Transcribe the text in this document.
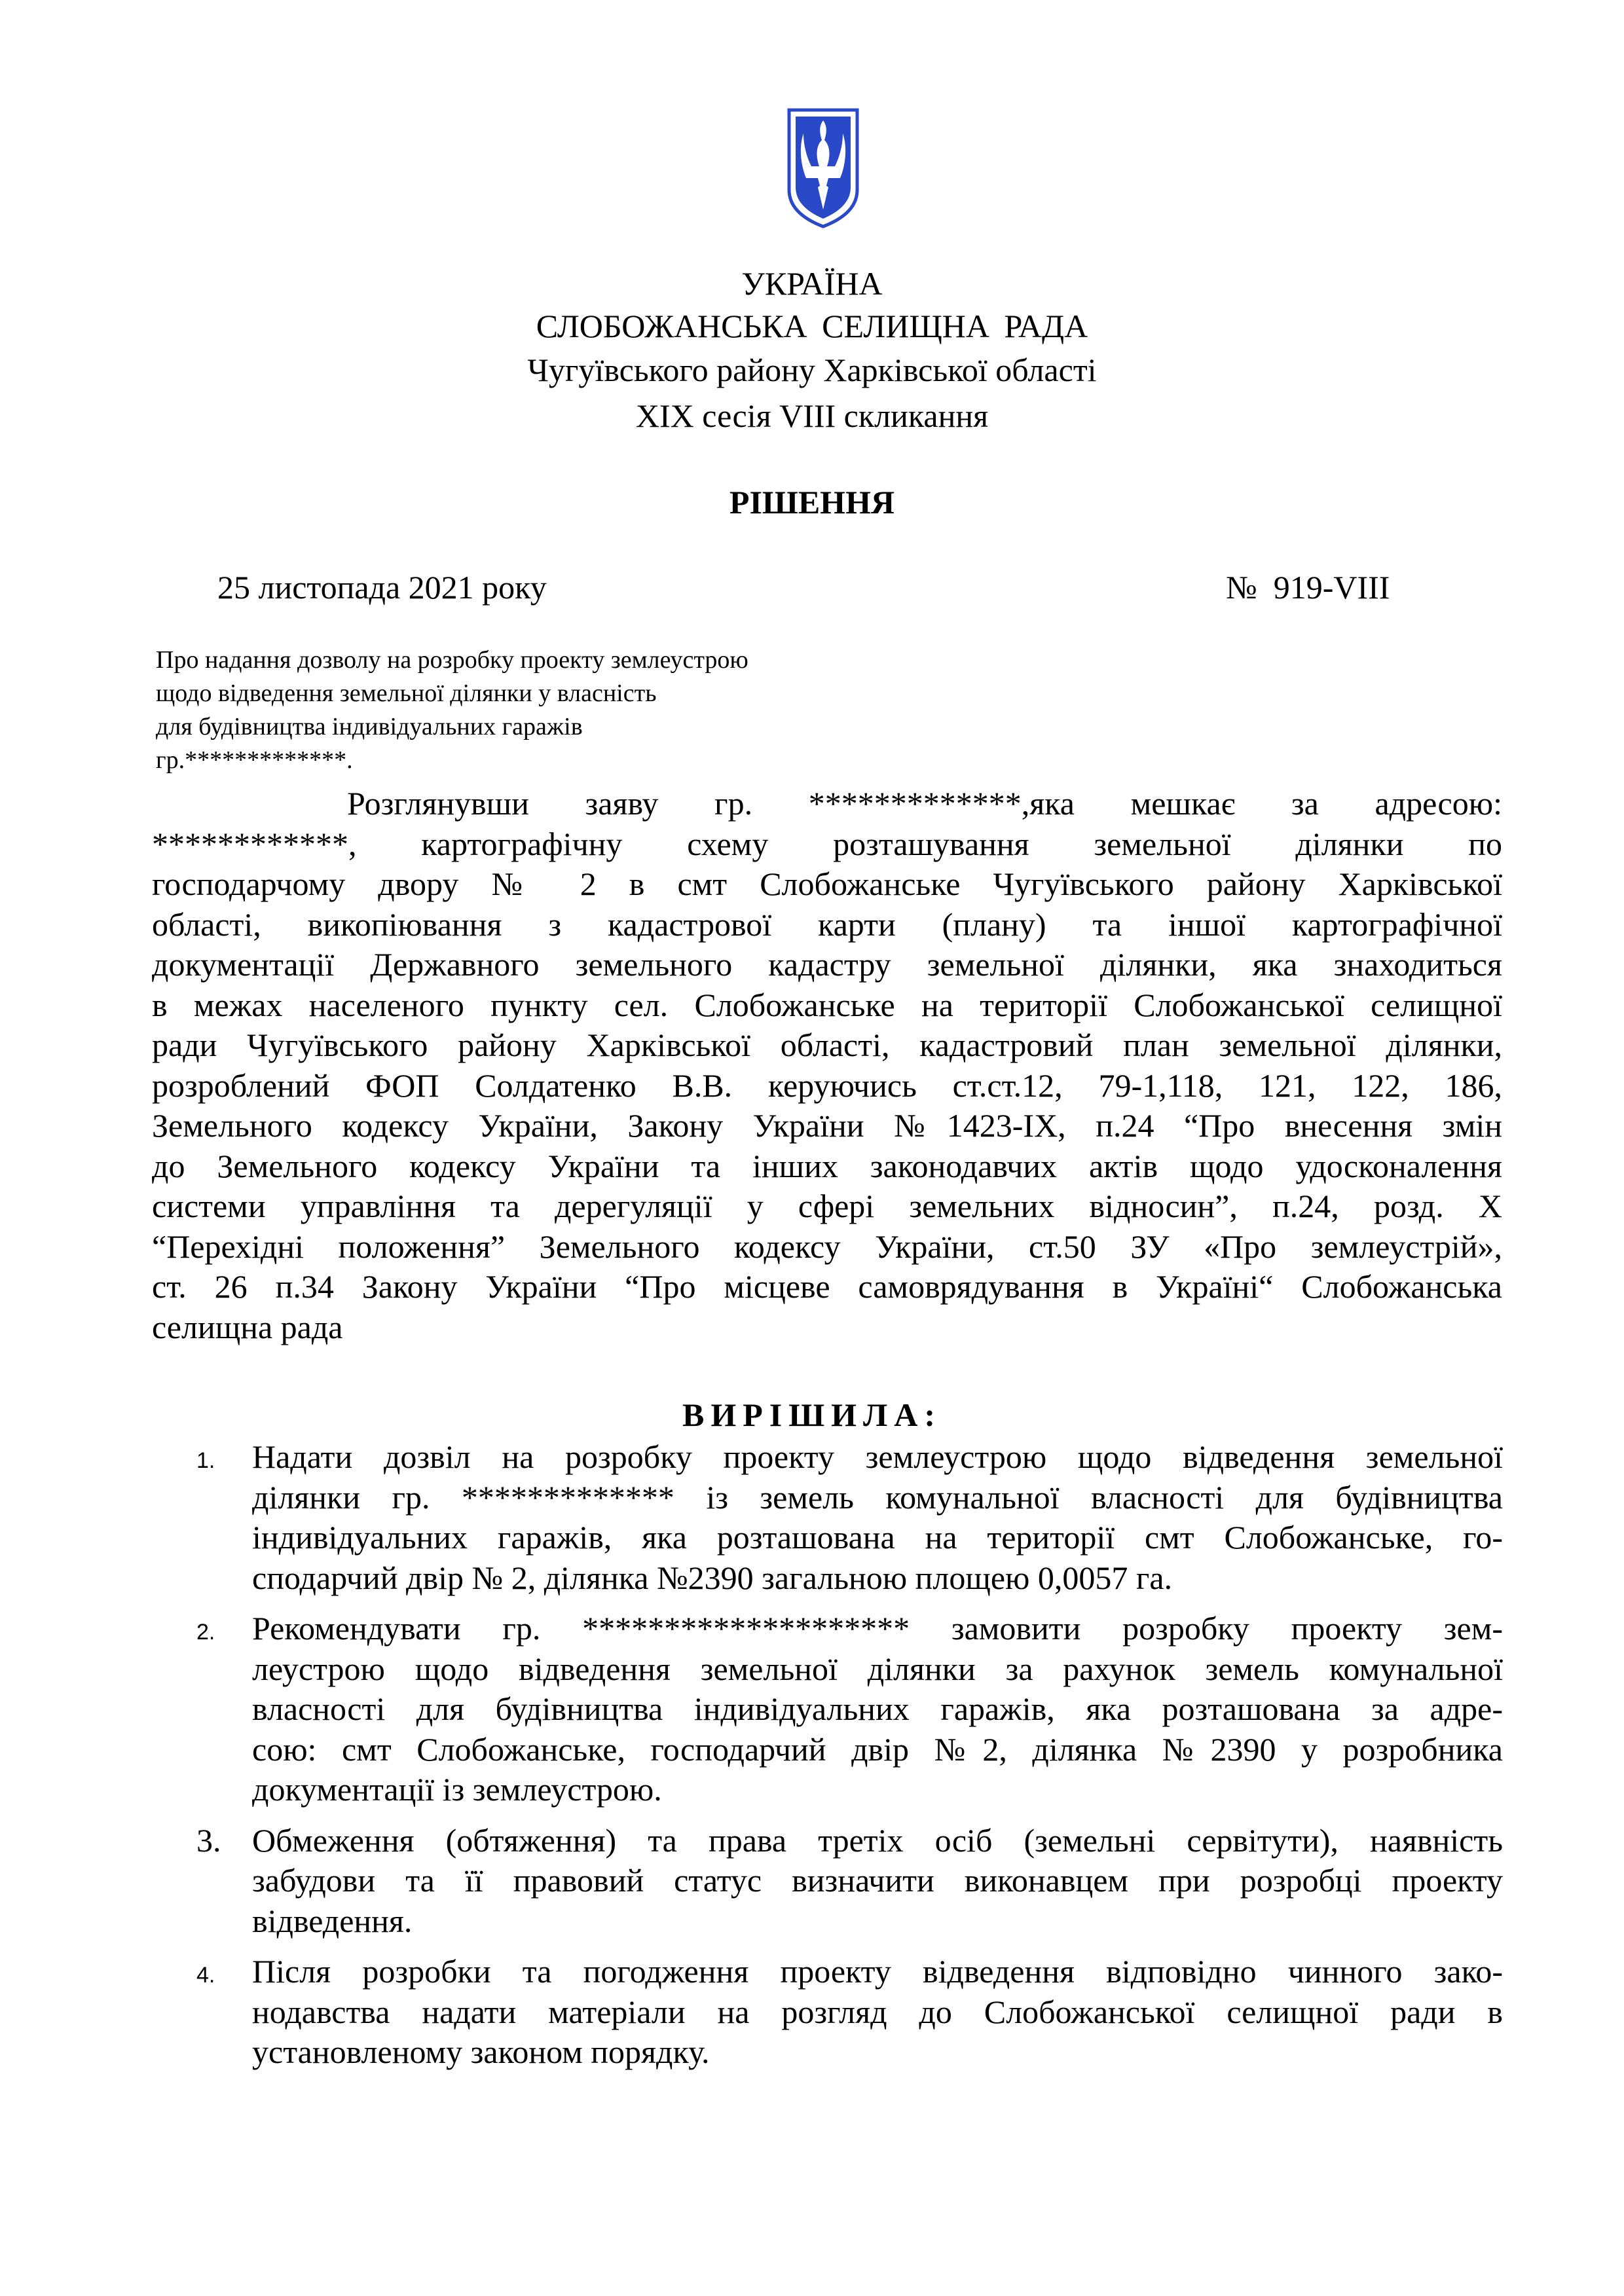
УКРАЇНА
СЛОБОЖАНСЬКА СЕЛИЩНА РАДА
Чугуївського району Харківської області
XIX сесія VIII скликання
РІШЕННЯ
25 листопада 2021 року	№  919-VIII
Про надання дозволу на розробку проекту землеустрою
щодо відведення земельної ділянки у власність
для будівництва індивідуальних гаражів
гр.*************.
Розглянувши заяву гр. *************,яка мешкає за адресою:
************, картографічну схему розташування земельної ділянки по
господарчому двору № 2 в смт Слобожанське Чугуївського району Харківської
області, викопіювання з кадастрової карти (плану) та іншої картографічної
документації Державного земельного кадастру земельної ділянки, яка знаходиться
в межах населеного пункту сел. Слобожанське на території Слобожанської селищної
ради Чугуївського району Харківської області, кадастровий план земельної ділянки,
розроблений ФОП Солдатенко В.В. керуючись ст.ст.12, 79-1,118, 121, 122, 186,
Земельного кодексу України, Закону України №1423-IX, п.24 “Про внесення змін
до Земельного кодексу України та інших законодавчих актів щодо удосконалення
системи управління та дерегуляції у сфері земельних відносин”, п.24, розд. Х
“Перехідні положення” Земельного кодексу України, ст.50 ЗУ «Про землеустрій»,
ст. 26 п.34 Закону України “Про місцеве самоврядування в Україні“ Слобожанська
селищна рада
ВИРІШИЛА:
1.	Надати дозвіл на розробку проекту землеустрою щодо відведення земельної
ділянки гр. ************* із земель комунальної власності для будівництва
індивідуальних гаражів, яка розташована на території смт Слобожанське, го-
сподарчий двір № 2, ділянка №2390 загальною площею 0,0057 га.
2.	Рекомендувати гр. ******************** замовити розробку проекту зем-
леустрою щодо відведення земельної ділянки за рахунок земель комунальної
власності для будівництва індивідуальних гаражів, яка розташована за адре-
сою: смт Слобожанське, господарчий двір №2, ділянка №2390 у розробника
документації із землеустрою.
3. Обмеження (обтяження) та права третіх осіб (земельні сервітути), наявність
забудови та її правовий статус визначити виконавцем при розробці проекту
відведення.
4.	Після розробки та погодження проекту відведення відповідно чинного зако-
нодавства надати матеріали на розгляд до Слобожанської селищної ради в
установленому законом порядку.
